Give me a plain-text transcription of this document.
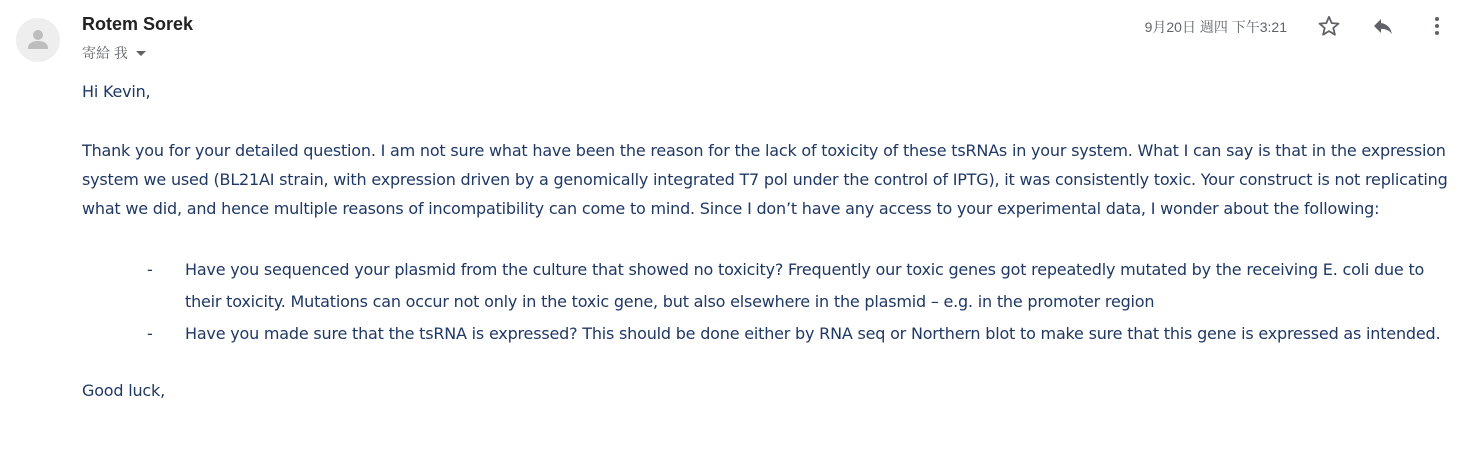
Rotem Sorek
寄給 我
9月20日 週四 下午3:21

Hi Kevin,

Thank you for your detailed question. I am not sure what have been the reason for the lack of toxicity of these tsRNAs in your system. What I can say is that in the expression system we used (BL21AI strain, with expression driven by a genomically integrated T7 pol under the control of IPTG), it was consistently toxic. Your construct is not replicating what we did, and hence multiple reasons of incompatibility can come to mind. Since I don’t have any access to your experimental data, I wonder about the following:

- Have you sequenced your plasmid from the culture that showed no toxicity? Frequently our toxic genes got repeatedly mutated by the receiving E. coli due to their toxicity. Mutations can occur not only in the toxic gene, but also elsewhere in the plasmid – e.g. in the promoter region
- Have you made sure that the tsRNA is expressed? This should be done either by RNA seq or Northern blot to make sure that this gene is expressed as intended.

Good luck,
